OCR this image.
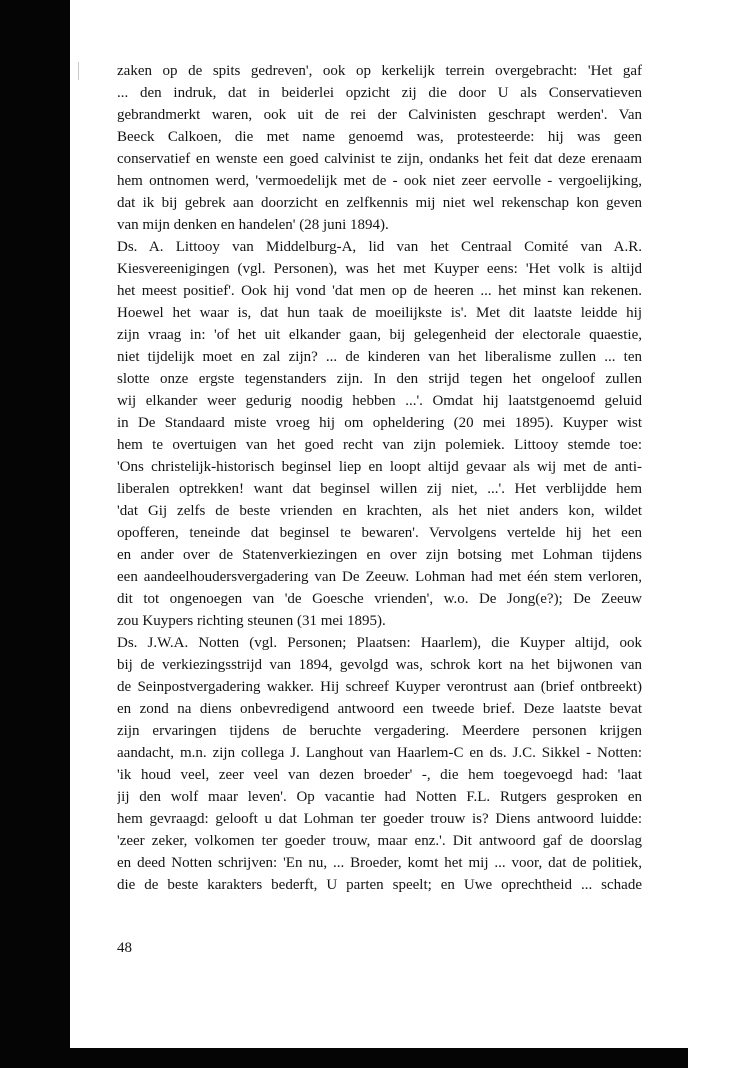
zaken op de spits gedreven', ook op kerkelijk terrein overgebracht: 'Het gaf
... den indruk, dat in beiderlei opzicht zij die door U als Conservatieven
gebrandmerkt waren, ook uit de rei der Calvinisten geschrapt werden'. Van
Beeck Calkoen, die met name genoemd was, protesteerde: hij was geen
conservatief en wenste een goed calvinist te zijn, ondanks het feit dat deze erenaam
hem ontnomen werd, 'vermoedelijk met de - ook niet zeer eervolle - vergoelijking,
dat ik bij gebrek aan doorzicht en zelfkennis mij niet wel rekenschap kon geven
van mijn denken en handelen' (28 juni 1894).
Ds. A. Littooy van Middelburg-A, lid van het Centraal Comité van A.R.
Kiesvereenigingen (vgl. Personen), was het met Kuyper eens: 'Het volk is altijd
het meest positief'. Ook hij vond 'dat men op de heeren ... het minst kan rekenen.
Hoewel het waar is, dat hun taak de moeilijkste is'. Met dit laatste leidde hij
zijn vraag in: 'of het uit elkander gaan, bij gelegenheid der electorale quaestie,
niet tijdelijk moet en zal zijn? ... de kinderen van het liberalisme zullen ... ten
slotte onze ergste tegenstanders zijn. In den strijd tegen het ongeloof zullen
wij elkander weer gedurig noodig hebben ...'. Omdat hij laatstgenoemd geluid
in De Standaard miste vroeg hij om opheldering (20 mei 1895). Kuyper wist
hem te overtuigen van het goed recht van zijn polemiek. Littooy stemde toe:
'Ons christelijk-historisch beginsel liep en loopt altijd gevaar als wij met de anti-
liberalen optrekken! want dat beginsel willen zij niet, ...'. Het verblijdde hem
'dat Gij zelfs de beste vrienden en krachten, als het niet anders kon, wildet
opofferen, teneinde dat beginsel te bewaren'. Vervolgens vertelde hij het een
en ander over de Statenverkiezingen en over zijn botsing met Lohman tijdens
een aandeelhoudersvergadering van De Zeeuw. Lohman had met één stem verloren,
dit tot ongenoegen van 'de Goesche vrienden', w.o. De Jong(e?); De Zeeuw
zou Kuypers richting steunen (31 mei 1895).
Ds. J.W.A. Notten (vgl. Personen; Plaatsen: Haarlem), die Kuyper altijd, ook
bij de verkiezingsstrijd van 1894, gevolgd was, schrok kort na het bijwonen van
de Seinpostvergadering wakker. Hij schreef Kuyper verontrust aan (brief ontbreekt)
en zond na diens onbevredigend antwoord een tweede brief. Deze laatste bevat
zijn ervaringen tijdens de beruchte vergadering. Meerdere personen krijgen
aandacht, m.n. zijn collega J. Langhout van Haarlem-C en ds. J.C. Sikkel - Notten:
'ik houd veel, zeer veel van dezen broeder' -, die hem toegevoegd had: 'laat
jij den wolf maar leven'. Op vacantie had Notten F.L. Rutgers gesproken en
hem gevraagd: gelooft u dat Lohman ter goeder trouw is? Diens antwoord luidde:
'zeer zeker, volkomen ter goeder trouw, maar enz.'. Dit antwoord gaf de doorslag
en deed Notten schrijven: 'En nu, ... Broeder, komt het mij ... voor, dat de politiek,
die de beste karakters bederft, U parten speelt; en Uwe oprechtheid ... schade
48
